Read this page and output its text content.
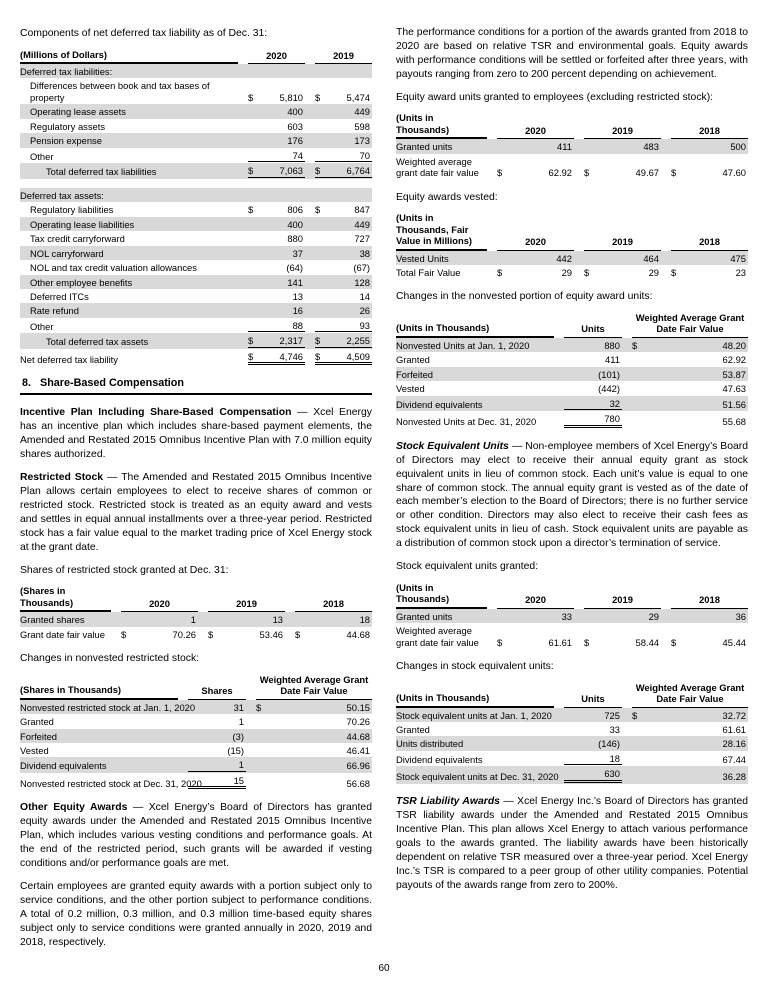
Components of net deferred tax liability as of Dec. 31:
(Millions of Dollars)	2020	2019

Deferred tax liabilities:	

Differences between book and tax bases of property	$ 5,810	$ 5,474

Operating lease assets	400	449

Regulatory assets	603	598

Pension expense	176	173

Other	74	70

Total deferred tax liabilities	$ 7,063	$ 6,764

Deferred tax assets:	

Regulatory liabilities	$ 806	$ 847

Operating lease liabilities	400	449

Tax credit carryforward	880	727

NOL carryforward	37	38

NOL and tax credit valuation allowances	(64)	(67)

Other employee benefits	141	128

Deferred ITCs	13	14

Rate refund	16	26

Other	88	93

Total deferred tax assets	$ 2,317	$ 2,255

Net deferred tax liability	$ 4,746	$ 4,509
8. Share-Based Compensation
Incentive Plan Including Share-Based Compensation — Xcel Energy has an incentive plan which includes share-based payment elements, the Amended and Restated 2015 Omnibus Incentive Plan with 7.0 million equity shares authorized.
Restricted Stock — The Amended and Restated 2015 Omnibus Incentive Plan allows certain employees to elect to receive shares of common or restricted stock. Restricted stock is treated as an equity award and vests and settles in equal annual installments over a three-year period. Restricted stock has a fair value equal to the market trading price of Xcel Energy stock at the grant date.
Shares of restricted stock granted at Dec. 31:
(Shares in Thousands)	2020	2019	2018

Granted shares	1	13	18

Grant date fair value	$ 70.26	$ 53.46	$ 44.68
Changes in nonvested restricted stock:
(Shares in Thousands)	Shares	Weighted Average Grant Date Fair Value

Nonvested restricted stock at Jan. 1, 2020	31	$ 50.15

Granted	1	70.26

Forfeited	(3)	44.68

Vested	(15)	46.41

Dividend equivalents	1	66.96

Nonvested restricted stock at Dec. 31, 2020	15	56.68
Other Equity Awards — Xcel Energy’s Board of Directors has granted equity awards under the Amended and Restated 2015 Omnibus Incentive Plan, which includes various vesting conditions and performance goals. At the end of the restricted period, such grants will be awarded if vesting conditions and/or performance goals are met.
Certain employees are granted equity awards with a portion subject only to service conditions, and the other portion subject to performance conditions. A total of 0.2 million, 0.3 million, and 0.3 million time-based equity shares subject only to service conditions were granted annually in 2020, 2019 and 2018, respectively.
The performance conditions for a portion of the awards granted from 2018 to 2020 are based on relative TSR and environmental goals. Equity awards with performance conditions will be settled or forfeited after three years, with payouts ranging from zero to 200 percent depending on achievement.
Equity award units granted to employees (excluding restricted stock):
(Units in Thousands)	2020	2019	2018

Granted units	411	483	500

Weighted average grant date fair value	$ 62.92	$ 49.67	$ 47.60
Equity awards vested:
(Units in Thousands, Fair Value in Millions)	2020	2019	2018

Vested Units	442	464	475

Total Fair Value	$ 29	$ 29	$ 23
Changes in the nonvested portion of equity award units:
(Units in Thousands)	Units	Weighted Average Grant Date Fair Value

Nonvested Units at Jan. 1, 2020	880	$ 48.20

Granted	411	62.92

Forfeited	(101)	53.87

Vested	(442)	47.63

Dividend equivalents	32	51.56

Nonvested Units at Dec. 31, 2020	780	55.68
Stock Equivalent Units — Non-employee members of Xcel Energy’s Board of Directors may elect to receive their annual equity grant as stock equivalent units in lieu of common stock. Each unit’s value is equal to one share of common stock. The annual equity grant is vested as of the date of each member’s election to the Board of Directors; there is no further service or other condition. Directors may also elect to receive their cash fees as stock equivalent units in lieu of cash. Stock equivalent units are payable as a distribution of common stock upon a director’s termination of service.
Stock equivalent units granted:
(Units in Thousands)	2020	2019	2018

Granted units	33	29	36

Weighted average grant date fair value	$ 61.61	$ 58.44	$ 45.44
Changes in stock equivalent units:
(Units in Thousands)	Units	Weighted Average Grant Date Fair Value

Stock equivalent units at Jan. 1, 2020	725	$ 32.72

Granted	33	61.61

Units distributed	(146)	28.16

Dividend equivalents	18	67.44

Stock equivalent units at Dec. 31, 2020	630	36.28
TSR Liability Awards — Xcel Energy Inc.’s Board of Directors has granted TSR liability awards under the Amended and Restated 2015 Omnibus Incentive Plan. This plan allows Xcel Energy to attach various performance goals to the awards granted. The liability awards have been historically dependent on relative TSR measured over a three-year period. Xcel Energy Inc.’s TSR is compared to a peer group of other utility companies. Potential payouts of the awards range from zero to 200%.
60
